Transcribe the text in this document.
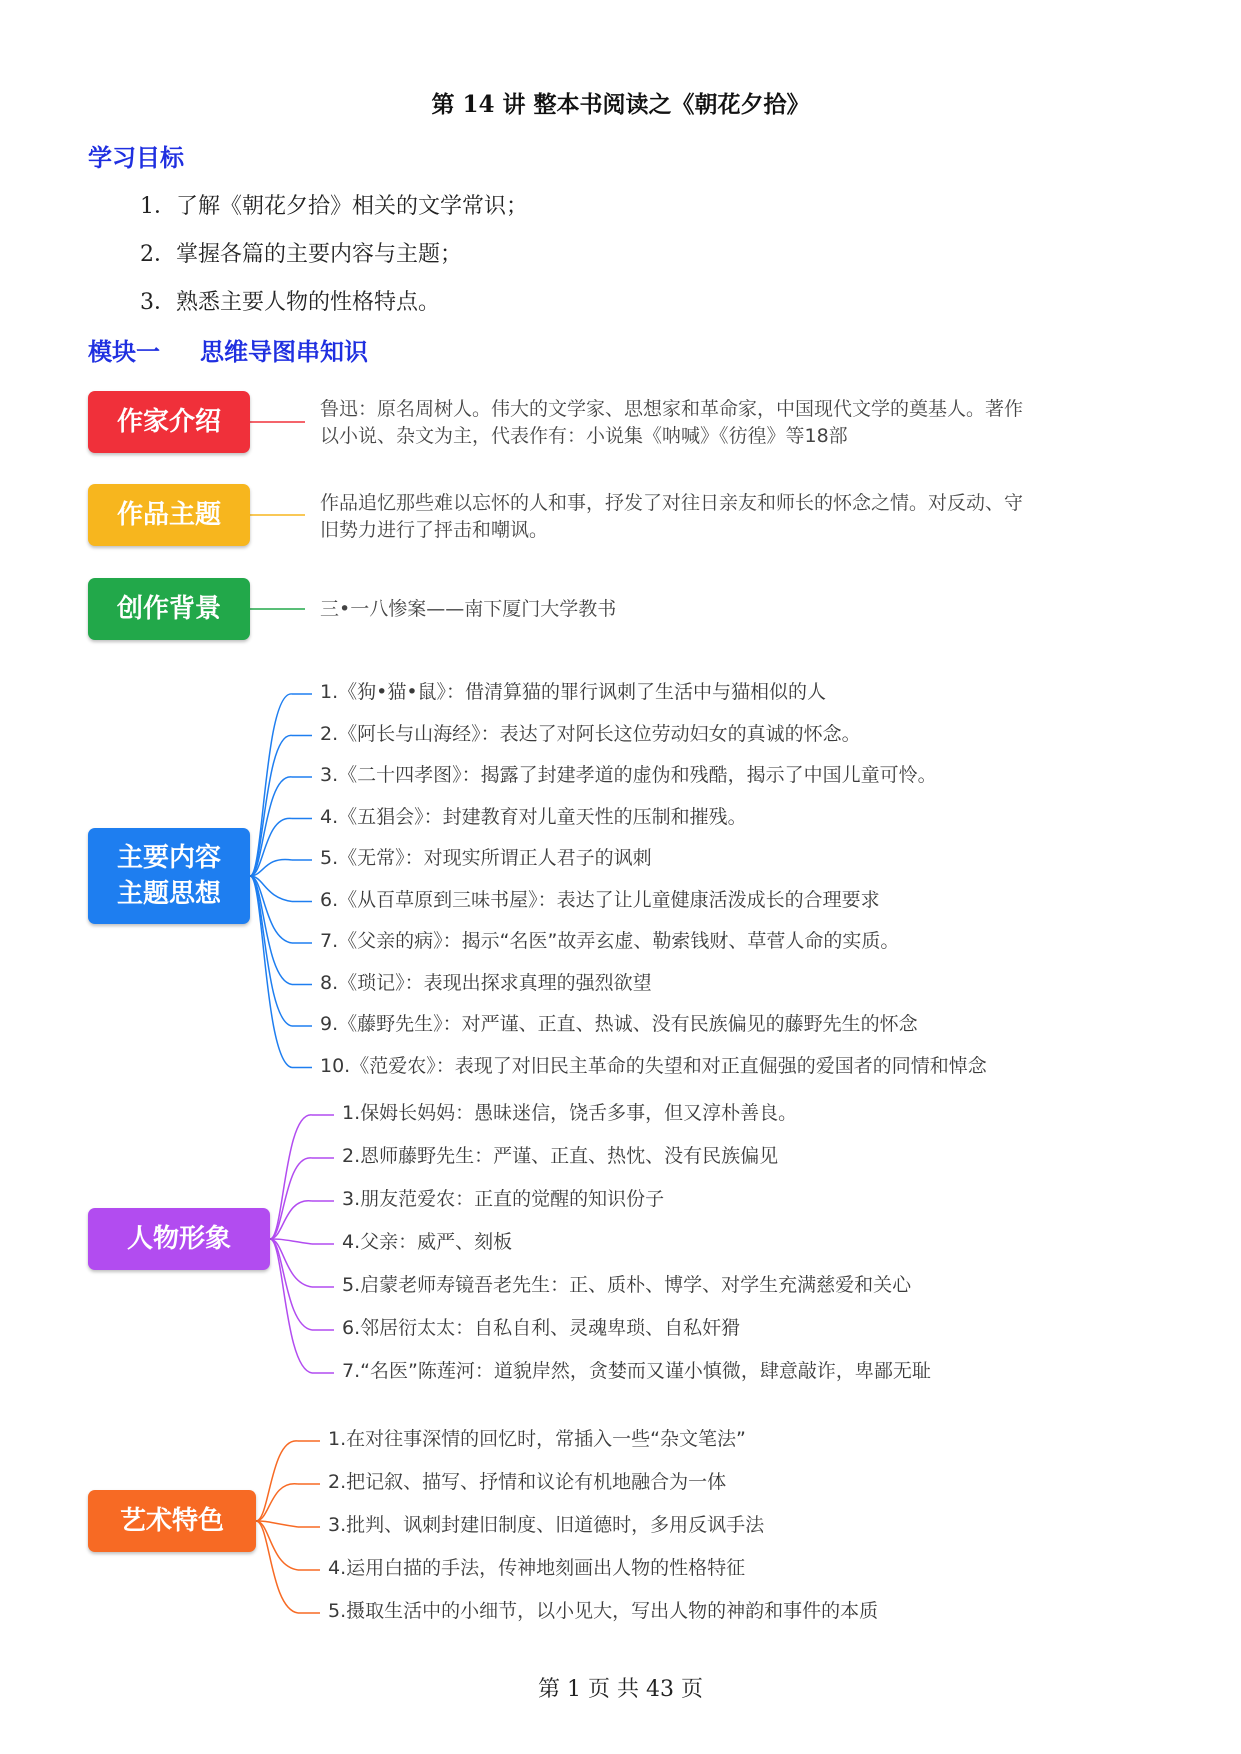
第 14 讲 整本书阅读之《朝花夕拾》
学习目标
1．了解《朝花夕拾》相关的文学常识；
2．掌握各篇的主要内容与主题；
3．熟悉主要人物的性格特点。
模块一 思维导图串知识
作家介绍	鲁迅：原名周树人。伟大的文学家、思想家和革命家，中国现代文学的奠基人。著作以小说、杂文为主，代表作有：小说集《呐喊》《彷徨》等18部
作品主题	作品追忆那些难以忘怀的人和事，抒发了对往日亲友和师长的怀念之情。对反动、守旧势力进行了抨击和嘲讽。
创作背景	三•一八惨案——南下厦门大学教书
主要内容
主题思想
1.《狗•猫•鼠》：借清算猫的罪行讽刺了生活中与猫相似的人
2.《阿长与山海经》：表达了对阿长这位劳动妇女的真诚的怀念。
3.《二十四孝图》：揭露了封建孝道的虚伪和残酷，揭示了中国儿童可怜。
4.《五猖会》：封建教育对儿童天性的压制和摧残。
5.《无常》：对现实所谓正人君子的讽刺
6.《从百草原到三味书屋》：表达了让儿童健康活泼成长的合理要求
7.《父亲的病》：揭示“名医”故弄玄虚、勒索钱财、草菅人命的实质。
8.《琐记》：表现出探求真理的强烈欲望
9.《藤野先生》：对严谨、正直、热诚、没有民族偏见的藤野先生的怀念
10.《范爱农》：表现了对旧民主革命的失望和对正直倔强的爱国者的同情和悼念
人物形象
1.保姆长妈妈：愚昧迷信，饶舌多事，但又淳朴善良。
2.恩师藤野先生：严谨、正直、热忱、没有民族偏见
3.朋友范爱农：正直的觉醒的知识份子
4.父亲：威严、刻板
5.启蒙老师寿镜吾老先生：正、质朴、博学、对学生充满慈爱和关心
6.邻居衍太太：自私自利、灵魂卑琐、自私奸猾
7.“名医”陈莲河：道貌岸然，贪婪而又谨小慎微，肆意敲诈，卑鄙无耻
艺术特色
1.在对往事深情的回忆时，常插入一些“杂文笔法”
2.把记叙、描写、抒情和议论有机地融合为一体
3.批判、讽刺封建旧制度、旧道德时，多用反讽手法
4.运用白描的手法，传神地刻画出人物的性格特征
5.摄取生活中的小细节，以小见大，写出人物的神韵和事件的本质
第 1 页 共 43 页
